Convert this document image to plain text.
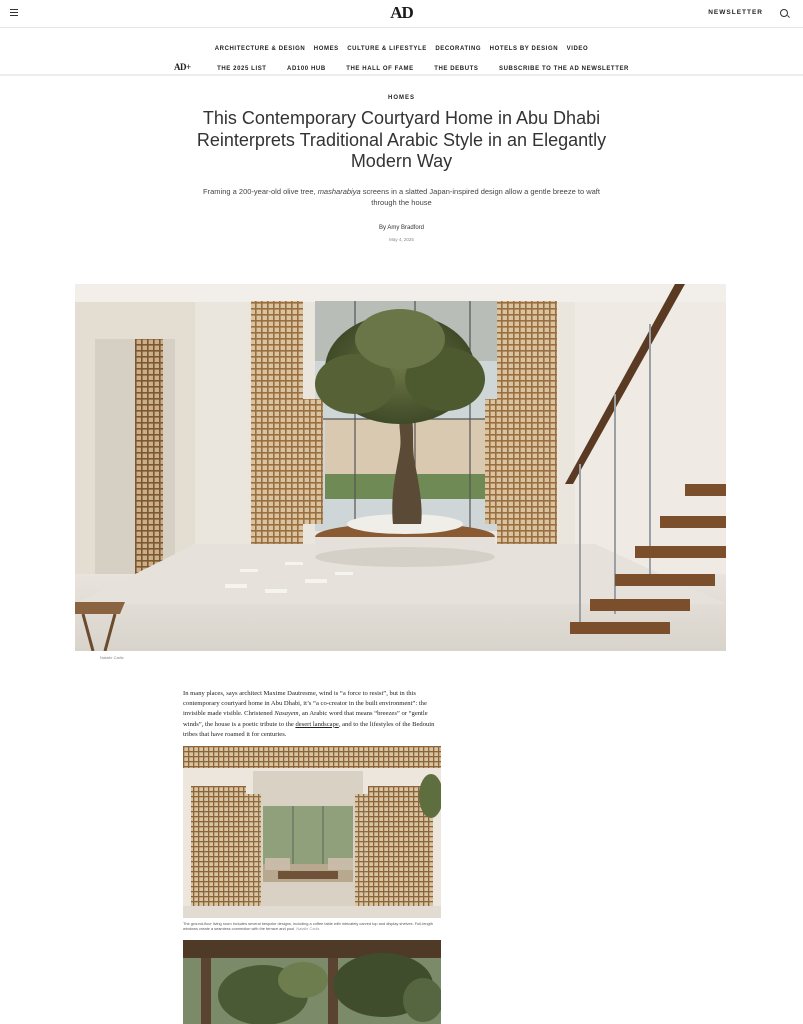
AD	NEWSLETTER
ARCHITECTURE & DESIGN HOMES CULTURE & LIFESTYLE DECORATING HOTELS BY DESIGN VIDEO
AD+	THE 2025 LIST	AD100 HUB	THE HALL OF FAME	THE DEBUTS	SUBSCRIBE TO THE AD NEWSLETTER
HOMES
This Contemporary Courtyard Home in Abu Dhabi Reinterprets Traditional Arabic Style in an Elegantly Modern Way

Framing a 200-year-old olive tree, masharabiya screens in a slatted Japan-inspired design allow a gentle breeze to waft through the house

By Amy Bradford
May 4, 2025
Natalie Cadiz

In many places, says architect Maxime Dautresme, wind is “a force to resist”, but in this contemporary courtyard home in Abu Dhabi, it’s “a co-creator in the built environment”: the invisible made visible. Christened Nasayem, an Arabic word that means “breezes” or “gentle winds”, the house is a poetic tribute to the desert landscape, and to the lifestyles of the Bedouin tribes that have roamed it for centuries.

The ground-floor living room includes several bespoke designs, including a coffee table with intricately carved top and display shelves. Full-length windows create a seamless connection with the terrace and pool. Natalie Cadiz
